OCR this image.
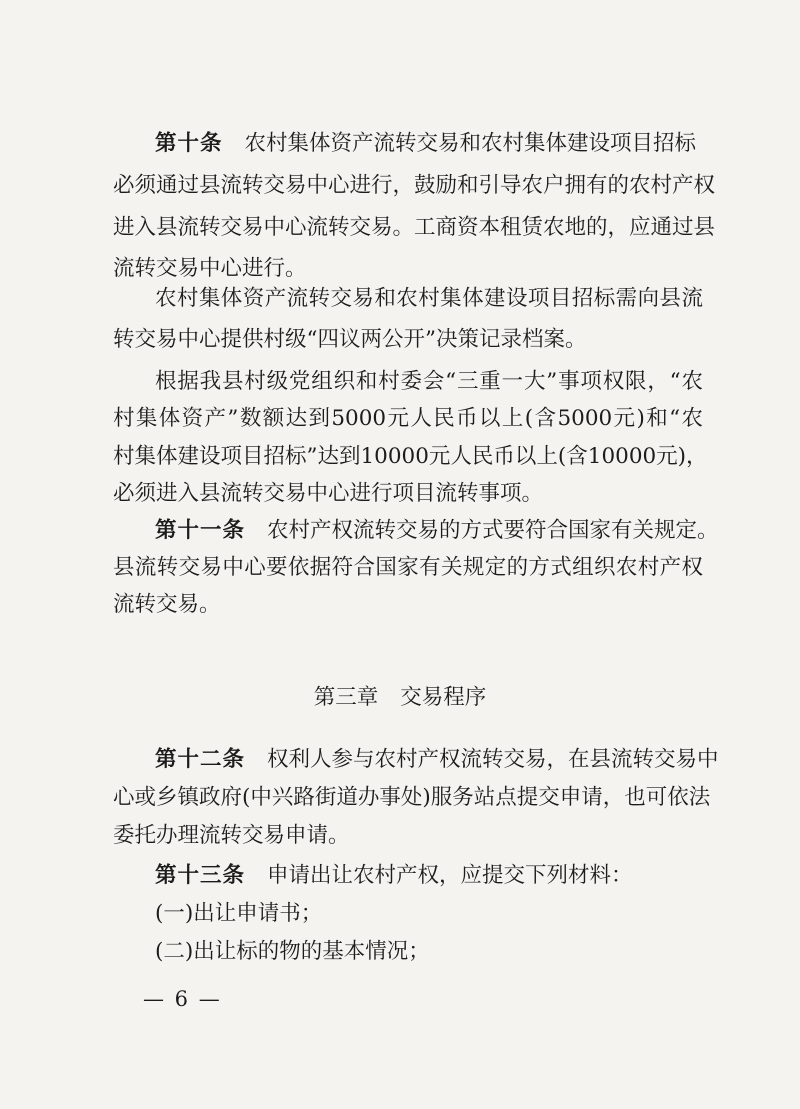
第十条 农村集体资产流转交易和农村集体建设项目招标
必须通过县流转交易中心进行，鼓励和引导农户拥有的农村产权
进入县流转交易中心流转交易。工商资本租赁农地的，应通过县
流转交易中心进行。
农村集体资产流转交易和农村集体建设项目招标需向县流
转交易中心提供村级“四议两公开”决策记录档案。
根据我县村级党组织和村委会“三重一大”事项权限，“农
村集体资产”数额达到5000元人民币以上(含5000元)和“农
村集体建设项目招标”达到10000元人民币以上(含10000元)，
必须进入县流转交易中心进行项目流转事项。
第十一条 农村产权流转交易的方式要符合国家有关规定。
县流转交易中心要依据符合国家有关规定的方式组织农村产权
流转交易。
第三章 交易程序
第十二条 权利人参与农村产权流转交易，在县流转交易中
心或乡镇政府(中兴路街道办事处)服务站点提交申请，也可依法
委托办理流转交易申请。
第十三条 申请出让农村产权，应提交下列材料：
(一)出让申请书；
(二)出让标的物的基本情况；
— 6 —
